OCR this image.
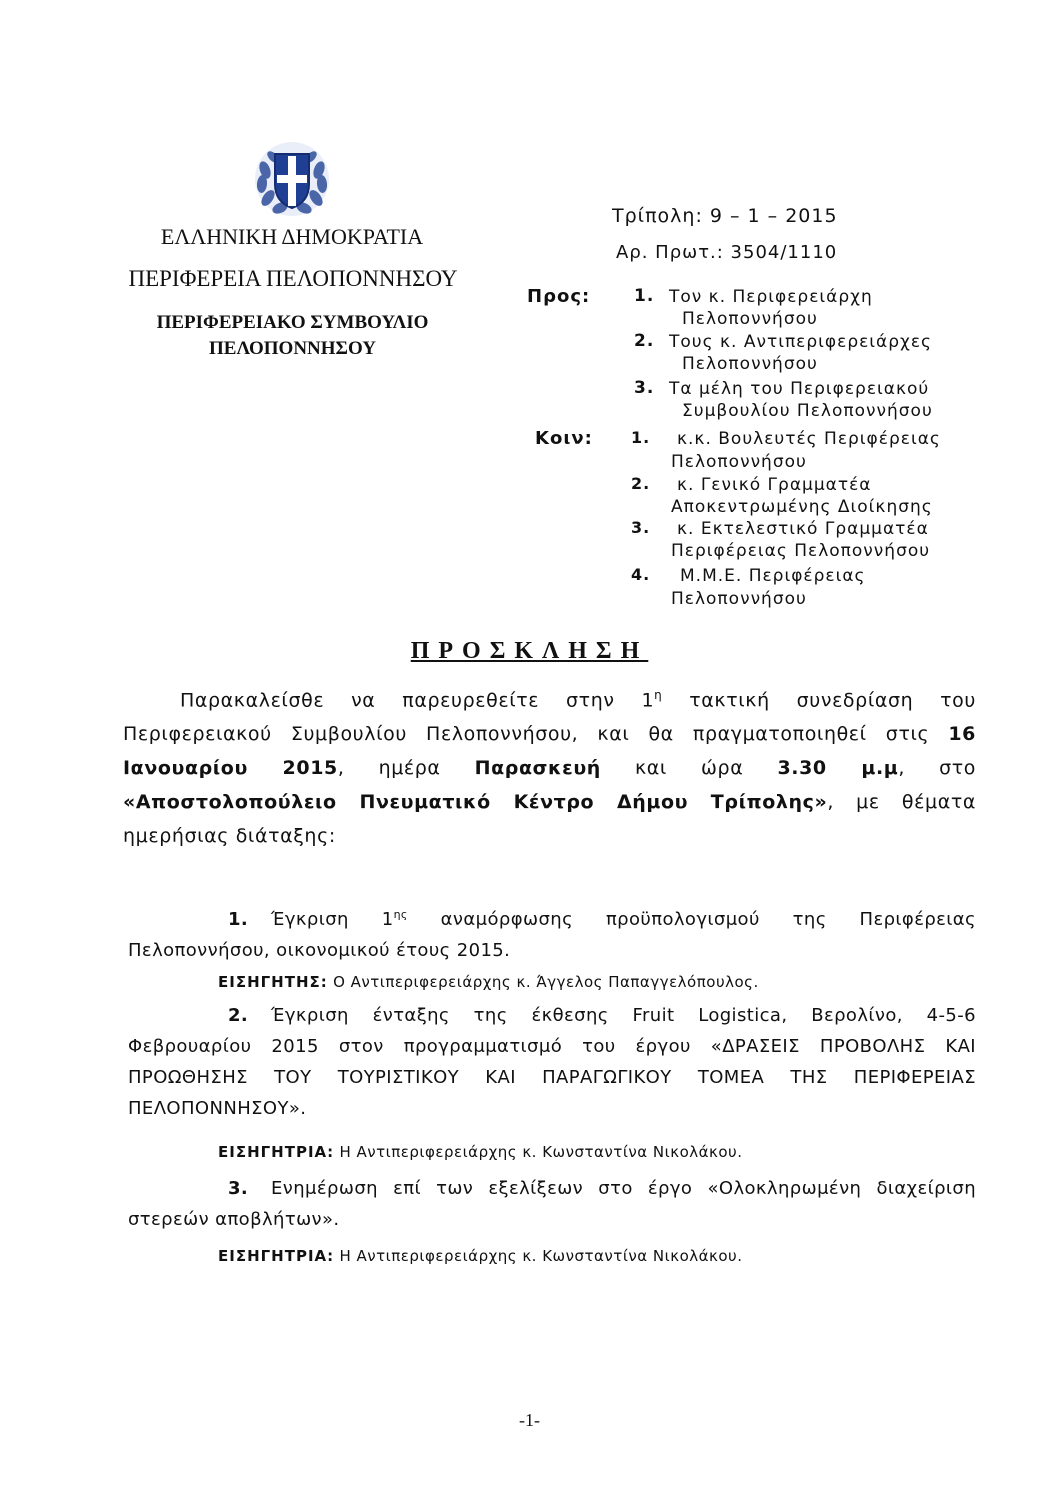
ΕΛΛΗΝΙΚΗ ΔΗΜΟΚΡΑΤΙΑ
ΠΕΡΙΦΕΡΕΙΑ ΠΕΛΟΠΟΝΝΗΣΟΥ
ΠΕΡΙΦΕΡΕΙΑΚΟ ΣΥΜΒΟΥΛΙΟ
ΠΕΛΟΠΟΝΝΗΣΟΥ
Τρίπολη: 9 – 1 – 2015
Αρ. Πρωτ.: 3504/1110
Προς:	1. Τον κ. Περιφερειάρχη
Πελοποννήσου
2. Τους κ. Αντιπεριφερειάρχες
Πελοποννήσου
3. Τα μέλη του Περιφερειακού
Συμβουλίου Πελοποννήσου
Κοιν: 1.	κ.κ. Βουλευτές Περιφέρειας
Πελοποννήσου
2.	κ. Γενικό Γραμματέα
Αποκεντρωμένης Διοίκησης
3.	κ. Εκτελεστικό Γραμματέα
Περιφέρειας Πελοποννήσου
4.	Μ.Μ.Ε. Περιφέρειας
Πελοποννήσου
ΠΡΟΣΚΛΗΣΗ
Παρακαλείσθε να παρευρεθείτε στην $1^\eta$ τακτική συνεδρίαση του Περιφερειακού Συμβουλίου Πελοποννήσου, και θα πραγματοποιηθεί στις 16 Ιανουαρίου 2015, ημέρα Παρασκευή και ώρα 3.30 μ.μ, στο «Αποστολοπούλειο Πνευματικό Κέντρο Δήμου Τρίπολης», με θέματα ημερήσιας διάταξης:
1. Έγκριση $1^{\eta\varsigma}$ αναμόρφωσης προϋπολογισμού της Περιφέρειας Πελοποννήσου, οικονομικού έτους 2015.
ΕΙΣΗΓΗΤΗΣ: Ο Αντιπεριφερειάρχης κ. Άγγελος Παπαγγελόπουλος.
2. Έγκριση ένταξης της έκθεσης Fruit Logistica, Βερολίνο, 4-5-6 Φεβρουαρίου 2015 στον προγραμματισμό του έργου «ΔΡΑΣΕΙΣ ΠΡΟΒΟΛΗΣ ΚΑΙ ΠΡΟΩΘΗΣΗΣ ΤΟΥ ΤΟΥΡΙΣΤΙΚΟΥ ΚΑΙ ΠΑΡΑΓΩΓΙΚΟΥ ΤΟΜΕΑ ΤΗΣ ΠΕΡΙΦΕΡΕΙΑΣ ΠΕΛΟΠΟΝΝΗΣΟΥ».
ΕΙΣΗΓΗΤΡΙΑ: Η Αντιπεριφερειάρχης κ. Κωνσταντίνα Νικολάκου.
3. Ενημέρωση επί των εξελίξεων στο έργο «Ολοκληρωμένη διαχείριση στερεών αποβλήτων».
ΕΙΣΗΓΗΤΡΙΑ: Η Αντιπεριφερειάρχης κ. Κωνσταντίνα Νικολάκου.
-1-
